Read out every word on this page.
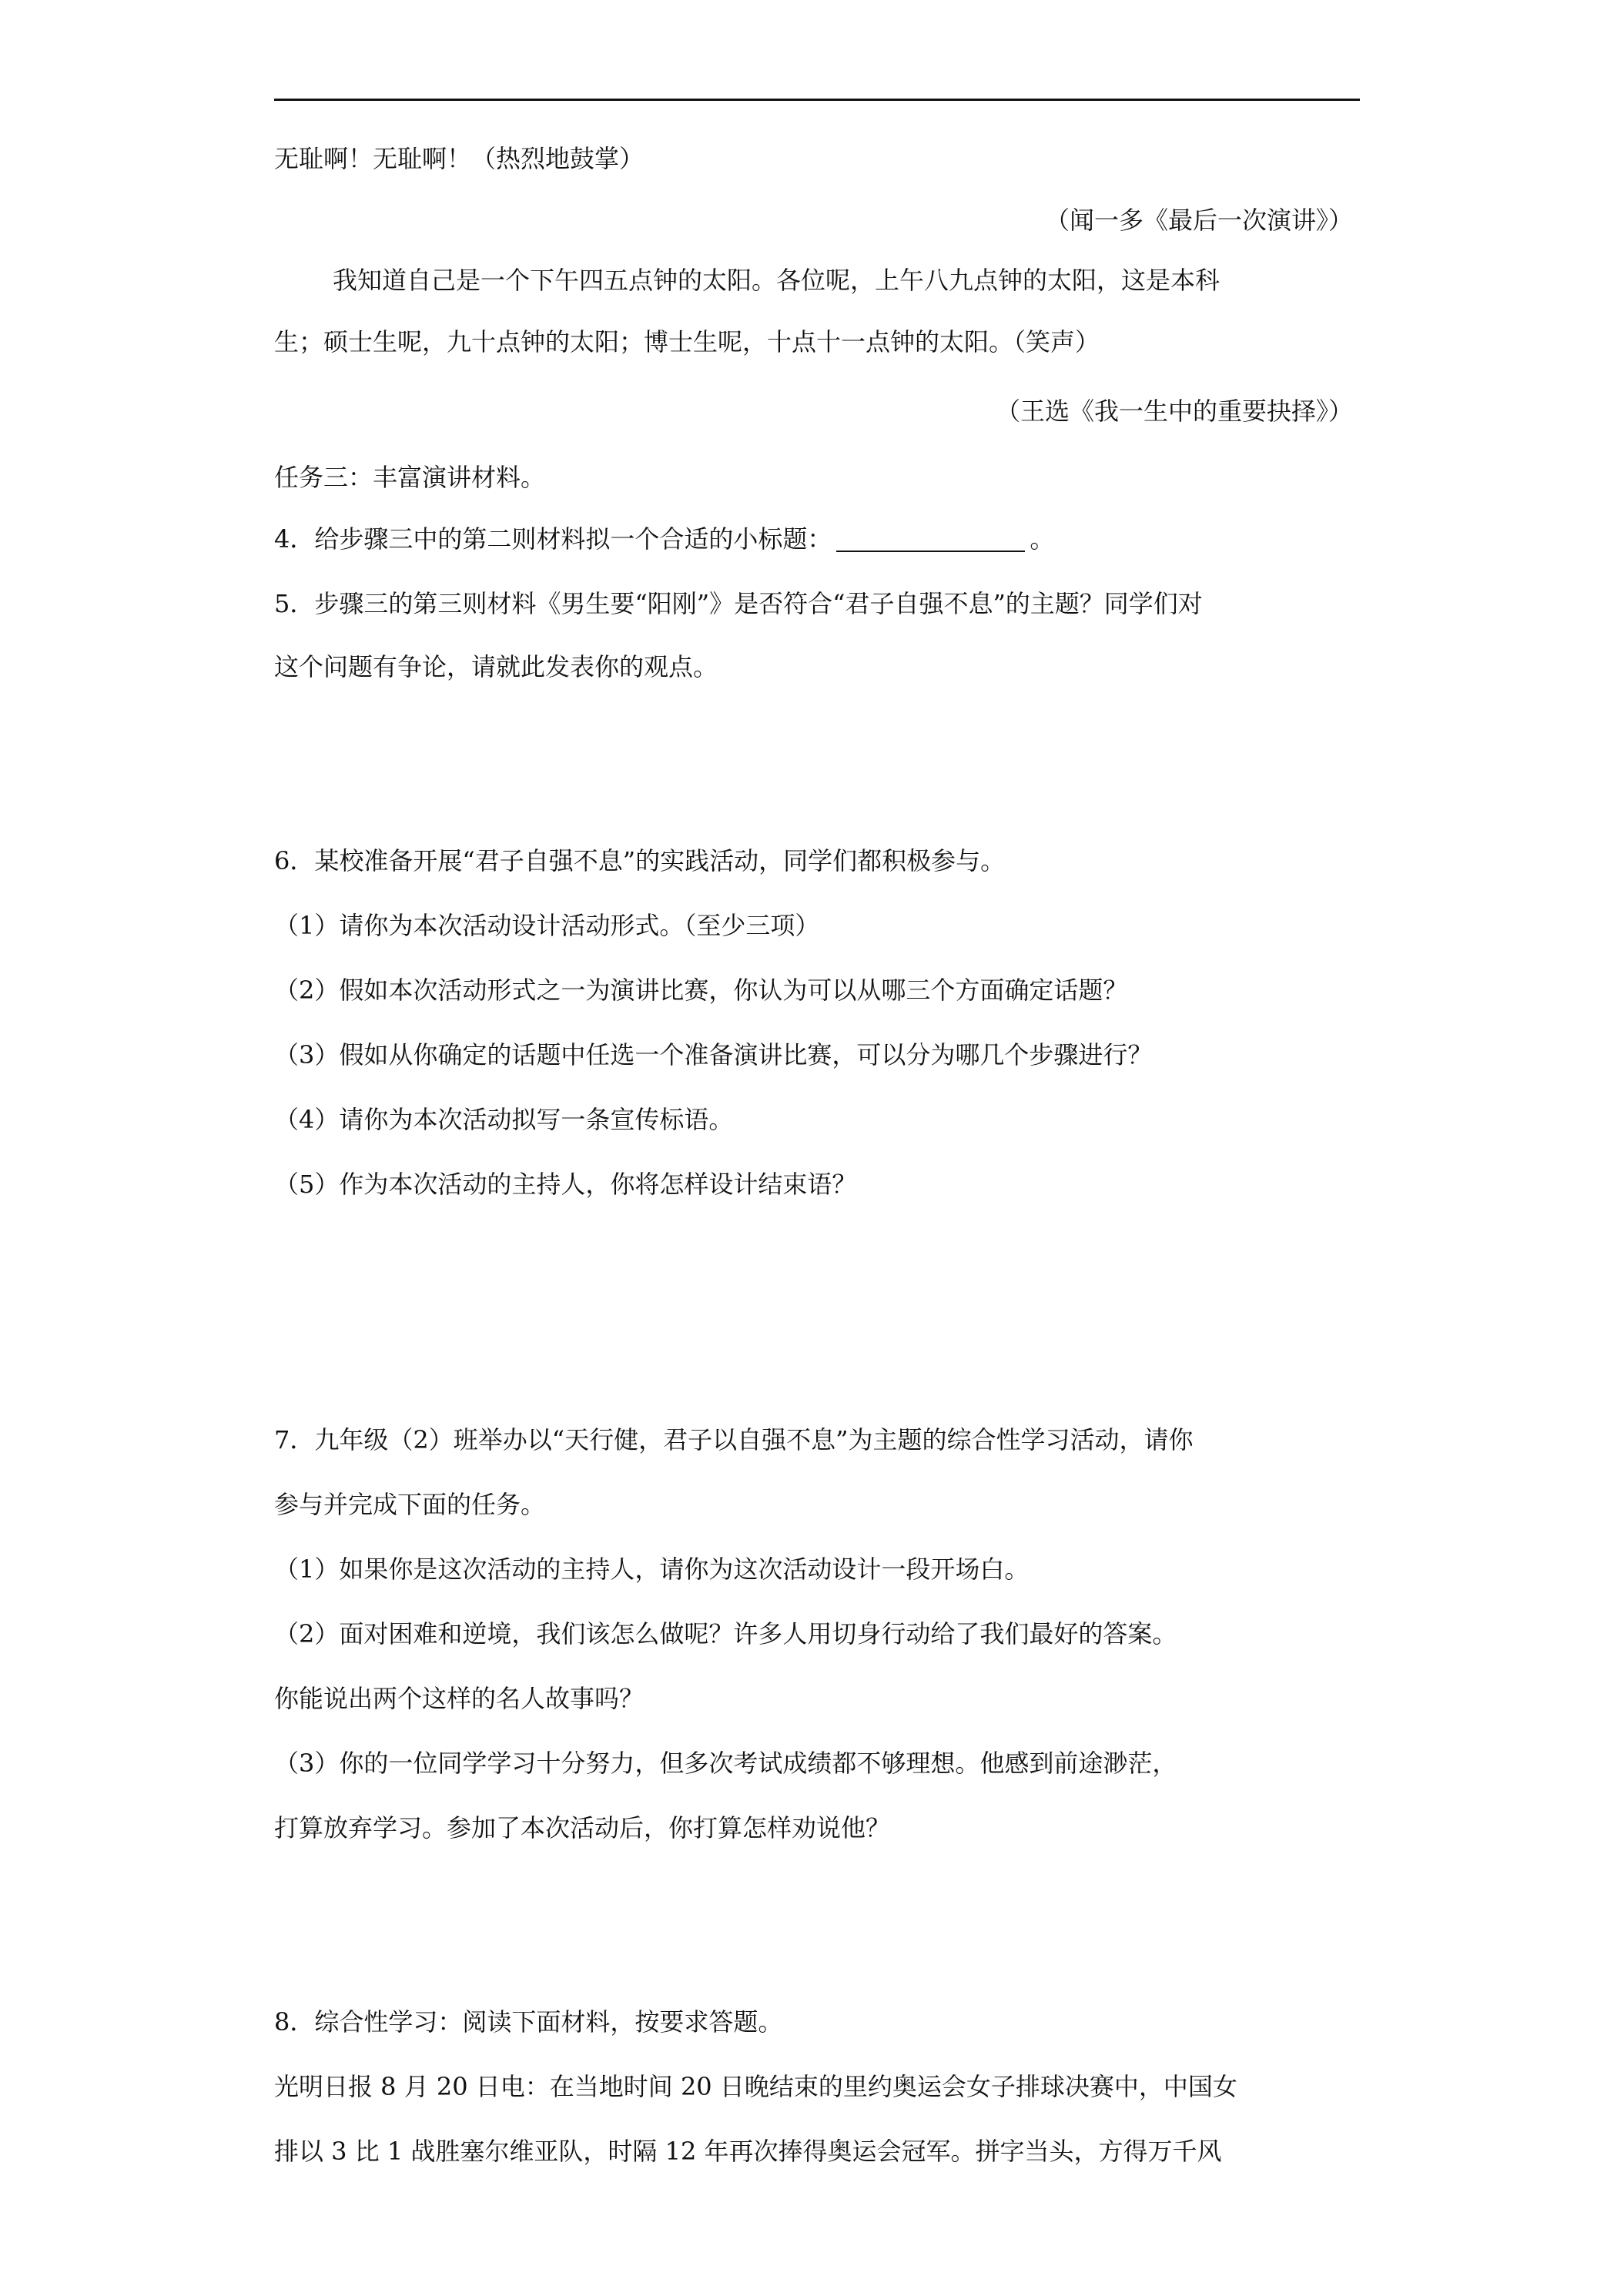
无耻啊！无耻啊！（热烈地鼓掌）
（闻一多《最后一次演讲》）
我知道自己是一个下午四五点钟的太阳。各位呢，上午八九点钟的太阳，这是本科
生；硕士生呢，九十点钟的太阳；博士生呢，十点十一点钟的太阳。（笑声）
（王选《我一生中的重要抉择》）
任务三：丰富演讲材料。
4．给步骤三中的第二则材料拟一个合适的小标题：	。
5．步骤三的第三则材料《男生要“阳刚”》是否符合“君子自强不息”的主题？同学们对
这个问题有争论，请就此发表你的观点。
6．某校准备开展“君子自强不息”的实践活动，同学们都积极参与。
（1）请你为本次活动设计活动形式。（至少三项）
（2）假如本次活动形式之一为演讲比赛，你认为可以从哪三个方面确定话题？
（3）假如从你确定的话题中任选一个准备演讲比赛，可以分为哪几个步骤进行？
（4）请你为本次活动拟写一条宣传标语。
（5）作为本次活动的主持人，你将怎样设计结束语？
7．九年级（2）班举办以“天行健，君子以自强不息”为主题的综合性学习活动，请你
参与并完成下面的任务。
（1）如果你是这次活动的主持人，请你为这次活动设计一段开场白。
（2）面对困难和逆境，我们该怎么做呢？许多人用切身行动给了我们最好的答案。
你能说出两个这样的名人故事吗？
（3）你的一位同学学习十分努力，但多次考试成绩都不够理想。他感到前途渺茫，
打算放弃学习。参加了本次活动后，你打算怎样劝说他？
8．综合性学习：阅读下面材料，按要求答题。
光明日报 8 月 20 日电：在当地时间 20 日晚结束的里约奥运会女子排球决赛中，中国女
排以 3 比 1 战胜塞尔维亚队，时隔 12 年再次捧得奥运会冠军。拼字当头，方得万千风
